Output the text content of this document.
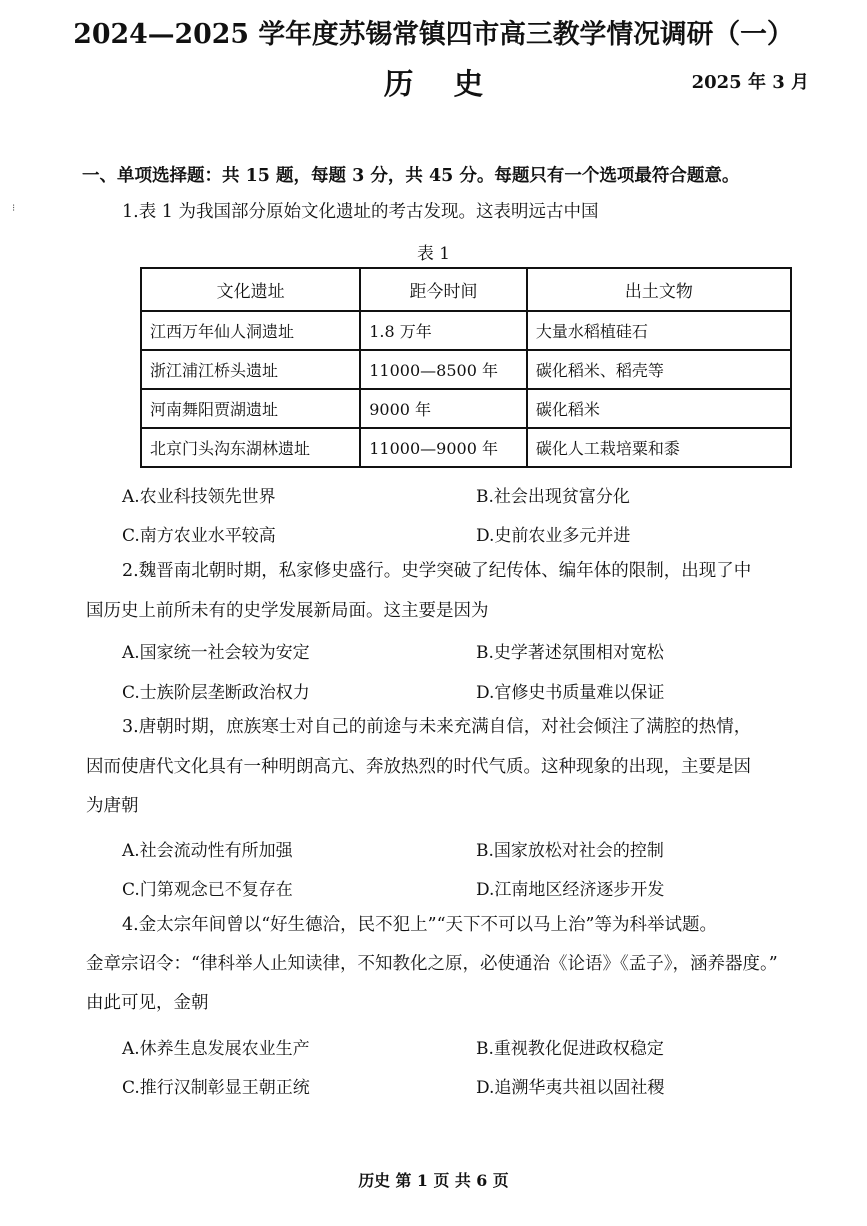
⁝
2024—2025 学年度苏锡常镇四市高三教学情况调研（一）
历史	2025 年 3 月
一、单项选择题：共 15 题，每题 3 分，共 45 分。每题只有一个选项最符合题意。
1.表 1 为我国部分原始文化遗址的考古发现。这表明远古中国
表 1
文化遗址	距今时间	出土文物
江西万年仙人洞遗址	1.8 万年	大量水稻植硅石
浙江浦江桥头遗址	11000—8500 年	碳化稻米、稻壳等
河南舞阳贾湖遗址	9000 年	碳化稻米
北京门头沟东湖林遗址	11000—9000 年	碳化人工栽培粟和黍
A.农业科技领先世界	B.社会出现贫富分化
C.南方农业水平较高	D.史前农业多元并进
2.魏晋南北朝时期，私家修史盛行。史学突破了纪传体、编年体的限制，出现了中
国历史上前所未有的史学发展新局面。这主要是因为
A.国家统一社会较为安定	B.史学著述氛围相对宽松
C.士族阶层垄断政治权力	D.官修史书质量难以保证
3.唐朝时期，庶族寒士对自己的前途与未来充满自信，对社会倾注了满腔的热情，
因而使唐代文化具有一种明朗高亢、奔放热烈的时代气质。这种现象的出现，主要是因
为唐朝
A.社会流动性有所加强	B.国家放松对社会的控制
C.门第观念已不复存在	D.江南地区经济逐步开发
4.金太宗年间曾以“好生德洽，民不犯上”“天下不可以马上治”等为科举试题。
金章宗诏令：“律科举人止知读律，不知教化之原，必使通治《论语》《孟子》，涵养器度。”
由此可见，金朝
A.休养生息发展农业生产	B.重视教化促进政权稳定
C.推行汉制彰显王朝正统	D.追溯华夷共祖以固社稷
历史 第 1 页 共 6 页
